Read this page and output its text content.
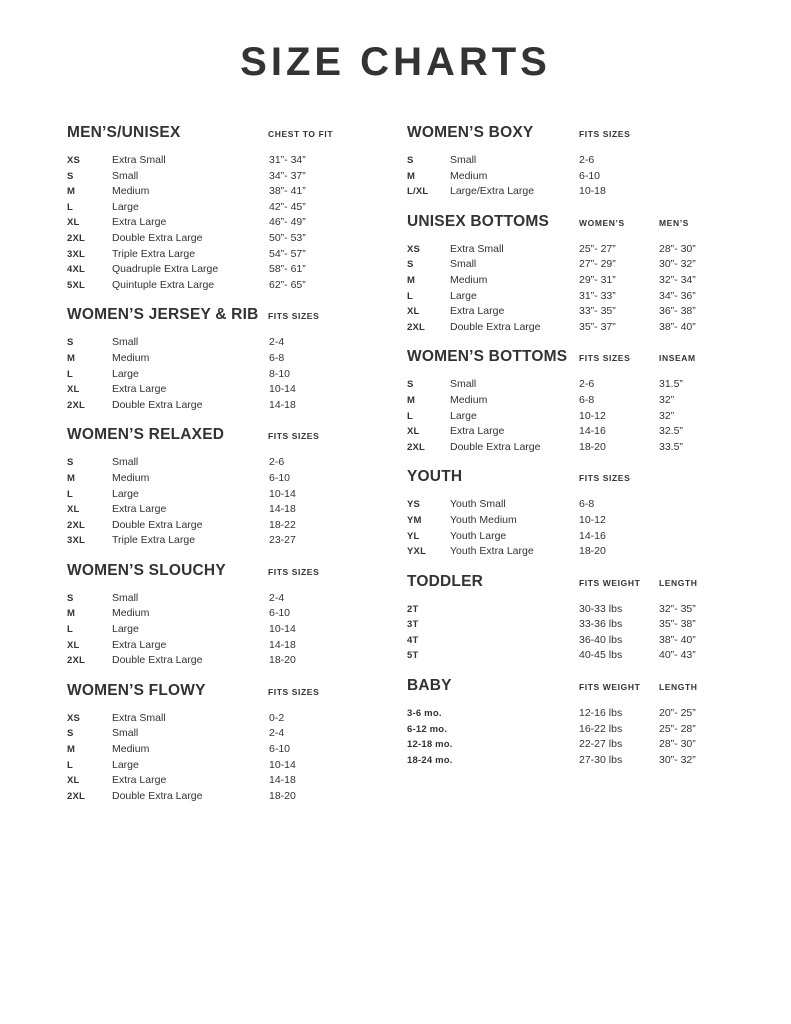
SIZE CHARTS
MEN’S/UNISEX	CHEST TO FIT
XS	Extra Small	31”- 34”
S	Small	34”- 37”
M	Medium	38”- 41”
L	Large	42”- 45”
XL	Extra Large	46”- 49”
2XL	Double Extra Large	50”- 53”
3XL	Triple Extra Large	54”- 57”
4XL	Quadruple Extra Large	58”- 61”
5XL	Quintuple Extra Large	62”- 65”
WOMEN’S JERSEY & RIB	FITS SIZES
S	Small	2-4
M	Medium	6-8
L	Large	8-10
XL	Extra Large	10-14
2XL	Double Extra Large	14-18
WOMEN’S RELAXED	FITS SIZES
S	Small	2-6
M	Medium	6-10
L	Large	10-14
XL	Extra Large	14-18
2XL	Double Extra Large	18-22
3XL	Triple Extra Large	23-27
WOMEN’S SLOUCHY	FITS SIZES
S	Small	2-4
M	Medium	6-10
L	Large	10-14
XL	Extra Large	14-18
2XL	Double Extra Large	18-20
WOMEN’S FLOWY	FITS SIZES
XS	Extra Small	0-2
S	Small	2-4
M	Medium	6-10
L	Large	10-14
XL	Extra Large	14-18
2XL	Double Extra Large	18-20
WOMEN’S BOXY	FITS SIZES
S	Small	2-6
M	Medium	6-10
L/XL	Large/Extra Large	10-18
UNISEX BOTTOMS	WOMEN’S	MEN’S
XS	Extra Small	25”- 27”	28”- 30”
S	Small	27”- 29”	30”- 32”
M	Medium	29”- 31”	32”- 34”
L	Large	31”- 33”	34”- 36”
XL	Extra Large	33”- 35”	36”- 38”
2XL	Double Extra Large	35”- 37”	38”- 40”
WOMEN’S BOTTOMS	FITS SIZES	INSEAM
S	Small	2-6	31.5”
M	Medium	6-8	32”
L	Large	10-12	32”
XL	Extra Large	14-16	32.5”
2XL	Double Extra Large	18-20	33.5”
YOUTH	FITS SIZES
YS	Youth Small	6-8
YM	Youth Medium	10-12
YL	Youth Large	14-16
YXL	Youth Extra Large	18-20
TODDLER	FITS WEIGHT	LENGTH
2T	30-33 lbs	32”- 35”
3T	33-36 lbs	35”- 38”
4T	36-40 lbs	38”- 40”
5T	40-45 lbs	40”- 43”
BABY	FITS WEIGHT	LENGTH
3-6 mo.	12-16 lbs	20”- 25”
6-12 mo.	16-22 lbs	25”- 28”
12-18 mo.	22-27 lbs	28”- 30”
18-24 mo.	27-30 lbs	30”- 32”
